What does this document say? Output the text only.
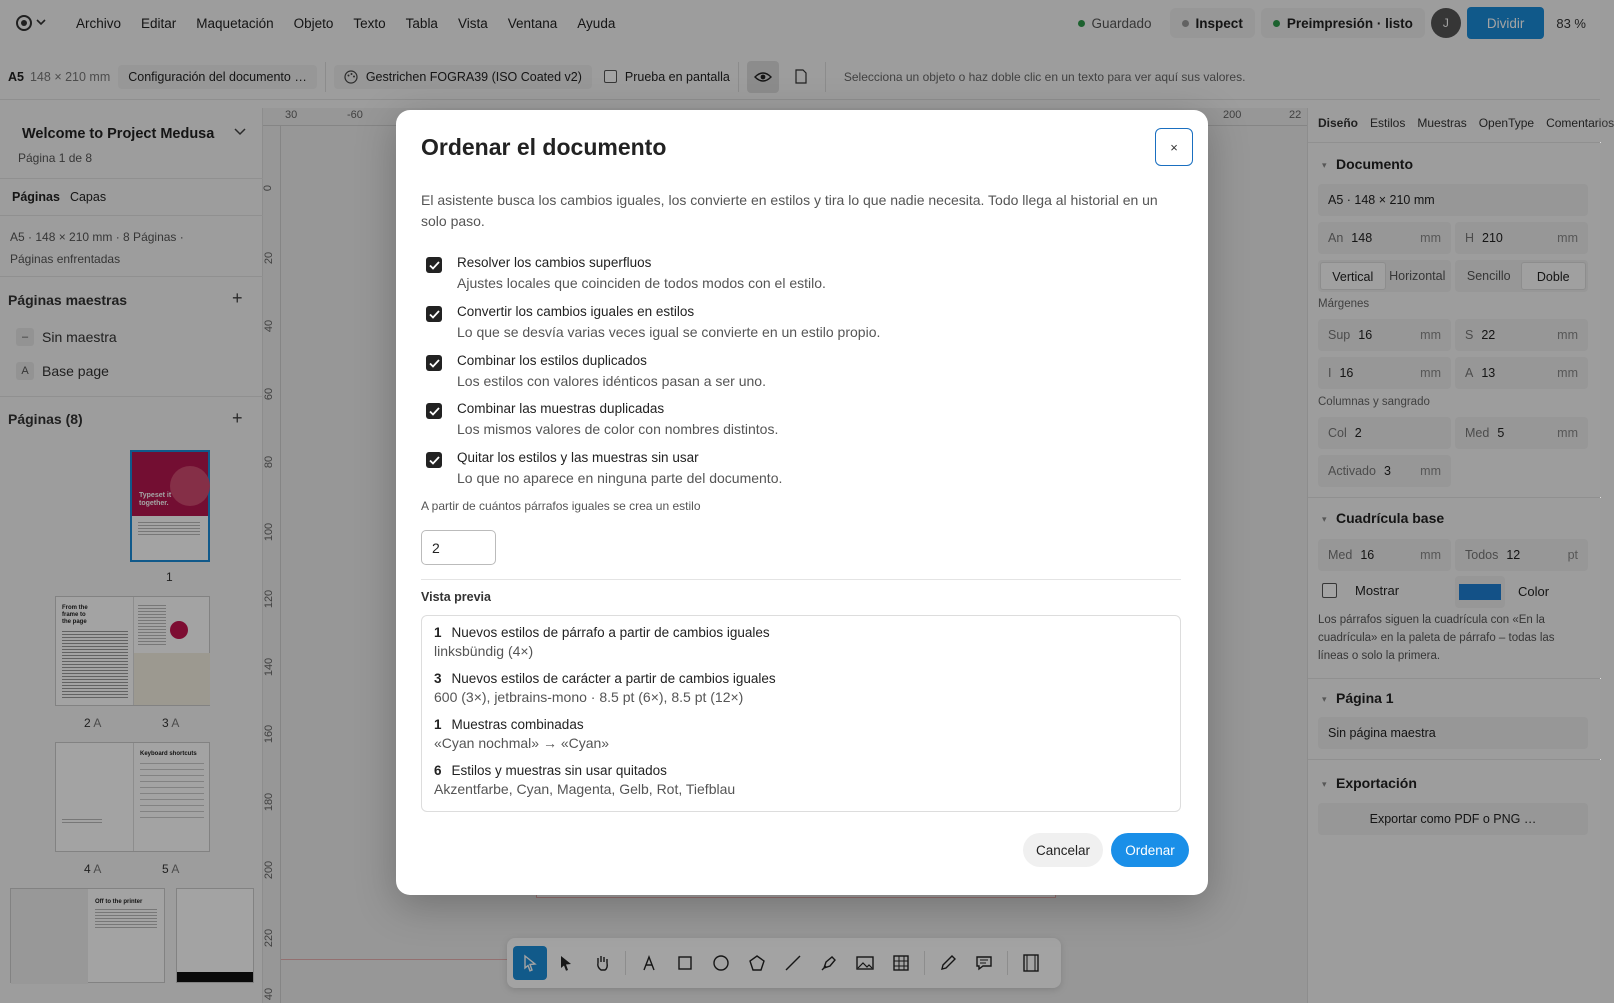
Archivo	Editar	Maquetación	Objeto	Texto	Tabla	Vista	Ventana	Ayuda	Guardado	Inspect	Preimpresión · listo	J	Dividir	83 %
A5 148 × 210 mm	Configuración del documento …	Gestrichen FOGRA39 (ISO Coated v2)	Prueba en pantalla	Selecciona un objeto o haz doble clic en un texto para ver aquí sus valores.
Welcome to Project Medusa
Página 1 de 8
Páginas Capas
A5 · 148 × 210 mm · 8 Páginas ·
Páginas enfrentadas
Páginas maestras	+
– Sin maestra
A Base page
Páginas (8)	+
Typeset it together.
1
From the frame to the page
2 A	3 A
Keyboard shortcuts
4 A	5 A
Off to the printer
30	-60	200	22
0
20
40
60
80
100
120
140
160
180
200
220
40
Diseño Estilos Muestras OpenType Comentarios
▾ Documento
A5 · 148 × 210 mm
An 148	mm H 210	mm
Vertical	Horizontal	Sencillo	Doble
Márgenes
Sup 16	mm S 22	mm
I 16	mm A 13	mm
Columnas y sangrado
Col 2	Med 5	mm
Activado 3 mm
▾ Cuadrícula base
Med 16	mm Todos 12	pt
Mostrar	Color
Los párrafos siguen la cuadrícula con «En la cuadrícula» en la paleta de párrafo – todas las líneas o solo la primera.
▾ Página 1
Sin página maestra
▾ Exportación
Exportar como PDF o PNG …
Ordenar el documento	×
El asistente busca los cambios iguales, los convierte en estilos y tira lo que nadie necesita. Todo llega al historial en un solo paso.
Resolver los cambios superfluos
Ajustes locales que coinciden de todos modos con el estilo.
Convertir los cambios iguales en estilos
Lo que se desvía varias veces igual se convierte en un estilo propio.
Combinar los estilos duplicados
Los estilos con valores idénticos pasan a ser uno.
Combinar las muestras duplicadas
Los mismos valores de color con nombres distintos.
Quitar los estilos y las muestras sin usar
Lo que no aparece en ninguna parte del documento.
A partir de cuántos párrafos iguales se crea un estilo
2
Vista previa
1 Nuevos estilos de párrafo a partir de cambios iguales
linksbündig (4×)
3 Nuevos estilos de carácter a partir de cambios iguales
600 (3×), jetbrains-mono · 8.5 pt (6×), 8.5 pt (12×)
1 Muestras combinadas
«Cyan nochmal» → «Cyan»
6 Estilos y muestras sin usar quitados
Akzentfarbe, Cyan, Magenta, Gelb, Rot, Tiefblau
Cancelar	Ordenar
